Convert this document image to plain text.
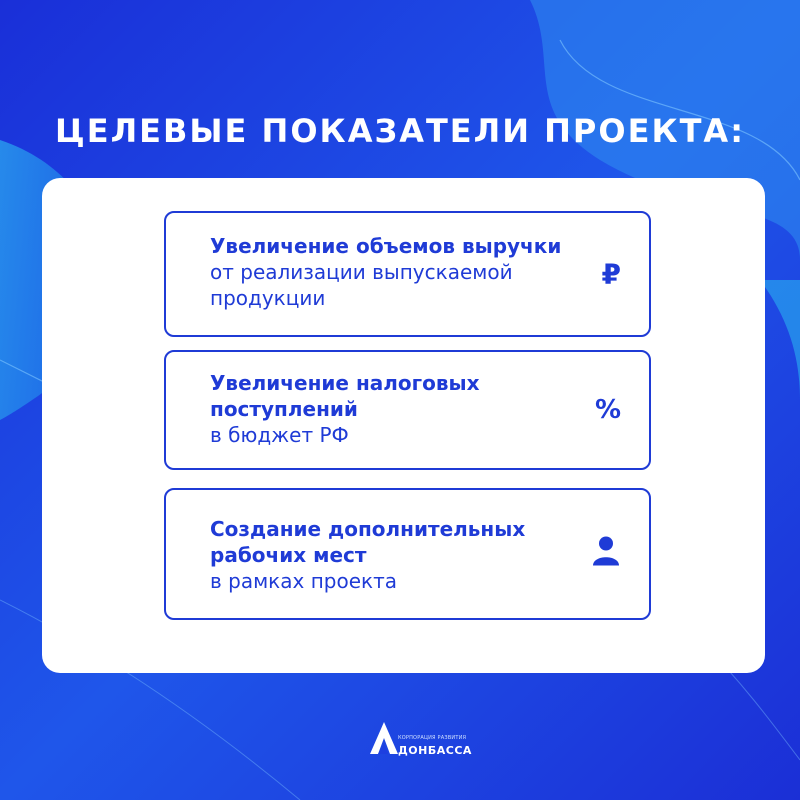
ЦЕЛЕВЫЕ ПОКАЗАТЕЛИ ПРОЕКТА:
Увеличение объемов выручки
от реализации выпускаемой
продукции
₽
Увеличение налоговых
поступлений
в бюджет РФ
%
Создание дополнительных
рабочих мест
в рамках проекта
КОРПОРАЦИЯ РАЗВИТИЯ
ДОНБАССА
